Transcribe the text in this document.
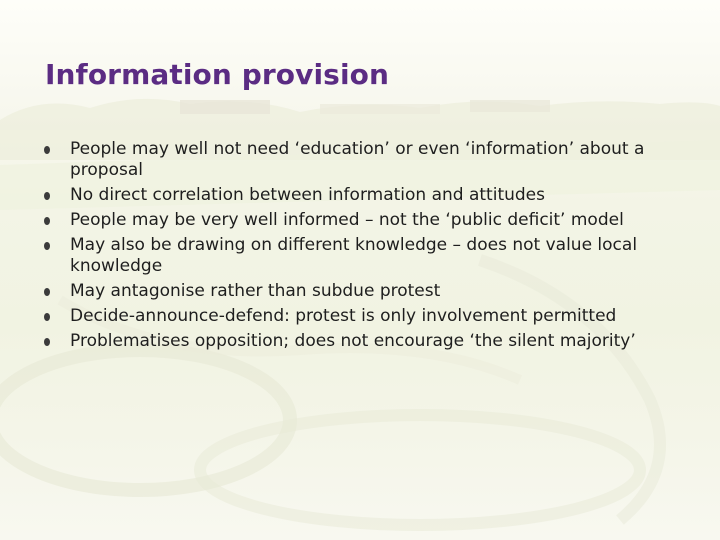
Information provision
People may well not need ‘education’ or even ‘information’ about a proposal
No direct correlation between information and attitudes
People may be very well informed – not the ‘public deficit’ model
May also be drawing on different knowledge – does not value local knowledge
May antagonise rather than subdue protest
Decide-announce-defend: protest is only involvement permitted
Problematises opposition; does not encourage ‘the silent majority’
